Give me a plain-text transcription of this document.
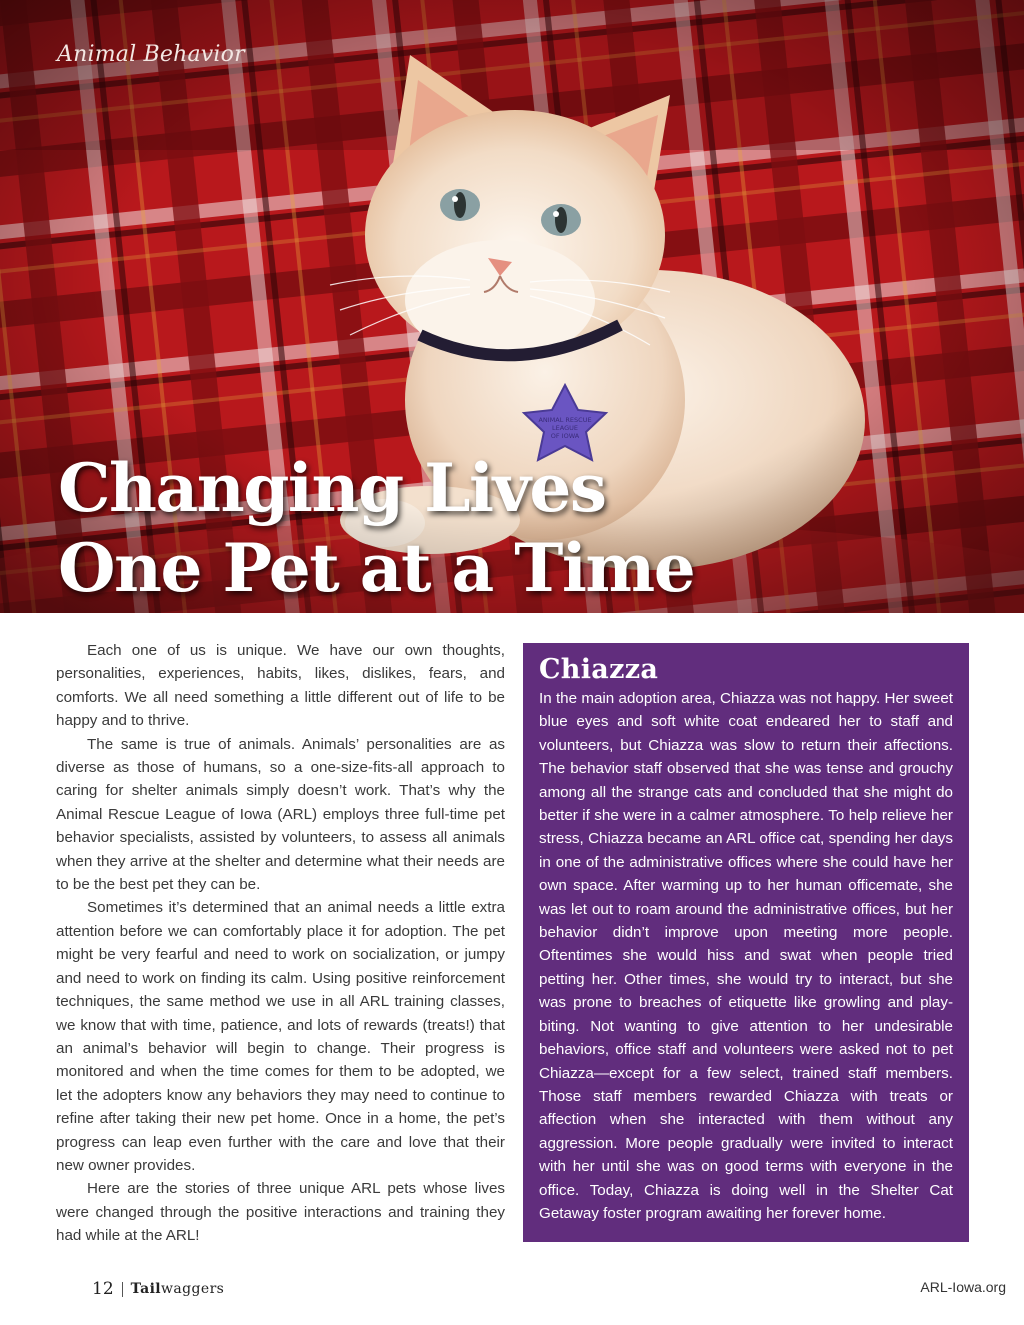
Animal Behavior
Changing Lives
One Pet at a Time

Each one of us is unique. We have our own thoughts, personalities, experiences, habits, likes, dislikes, fears, and comforts. We all need something a little different out of life to be happy and to thrive.

The same is true of animals. Animals’ personalities are as diverse as those of humans, so a one-size-fits-all approach to caring for shelter animals simply doesn’t work. That’s why the Animal Rescue League of Iowa (ARL) employs three full-time pet behavior specialists, assisted by volunteers, to assess all animals when they arrive at the shelter and determine what their needs are to be the best pet they can be.

Sometimes it’s determined that an animal needs a little extra attention before we can comfortably place it for adoption. The pet might be very fearful and need to work on socialization, or jumpy and need to work on finding its calm. Using positive reinforcement techniques, the same method we use in all ARL training classes, we know that with time, patience, and lots of rewards (treats!) that an animal’s behavior will begin to change. Their progress is monitored and when the time comes for them to be adopted, we let the adopters know any behaviors they may need to continue to refine after taking their new pet home. Once in a home, the pet’s progress can leap even further with the care and love that their new owner provides.

Here are the stories of three unique ARL pets whose lives were changed through the positive interactions and training they had while at the ARL!

Chiazza

In the main adoption area, Chiazza was not happy. Her sweet blue eyes and soft white coat endeared her to staff and volunteers, but Chiazza was slow to return their affections. The behavior staff observed that she was tense and grouchy among all the strange cats and concluded that she might do better if she were in a calmer atmosphere. To help relieve her stress, Chiazza became an ARL office cat, spending her days in one of the administrative offices where she could have her own space. After warming up to her human officemate, she was let out to roam around the administrative offices, but her behavior didn’t improve upon meeting more people. Oftentimes she would hiss and swat when people tried petting her. Other times, she would try to interact, but she was prone to breaches of etiquette like growling and play-biting. Not wanting to give attention to her undesirable behaviors, office staff and volunteers were asked not to pet Chiazza—except for a few select, trained staff members. Those staff members rewarded Chiazza with treats or affection when she interacted with them without any aggression. More people gradually were invited to interact with her until she was on good terms with everyone in the office. Today, Chiazza is doing well in the Shelter Cat Getaway foster program awaiting her forever home.

12 Tailwaggers	ARL-Iowa.org
